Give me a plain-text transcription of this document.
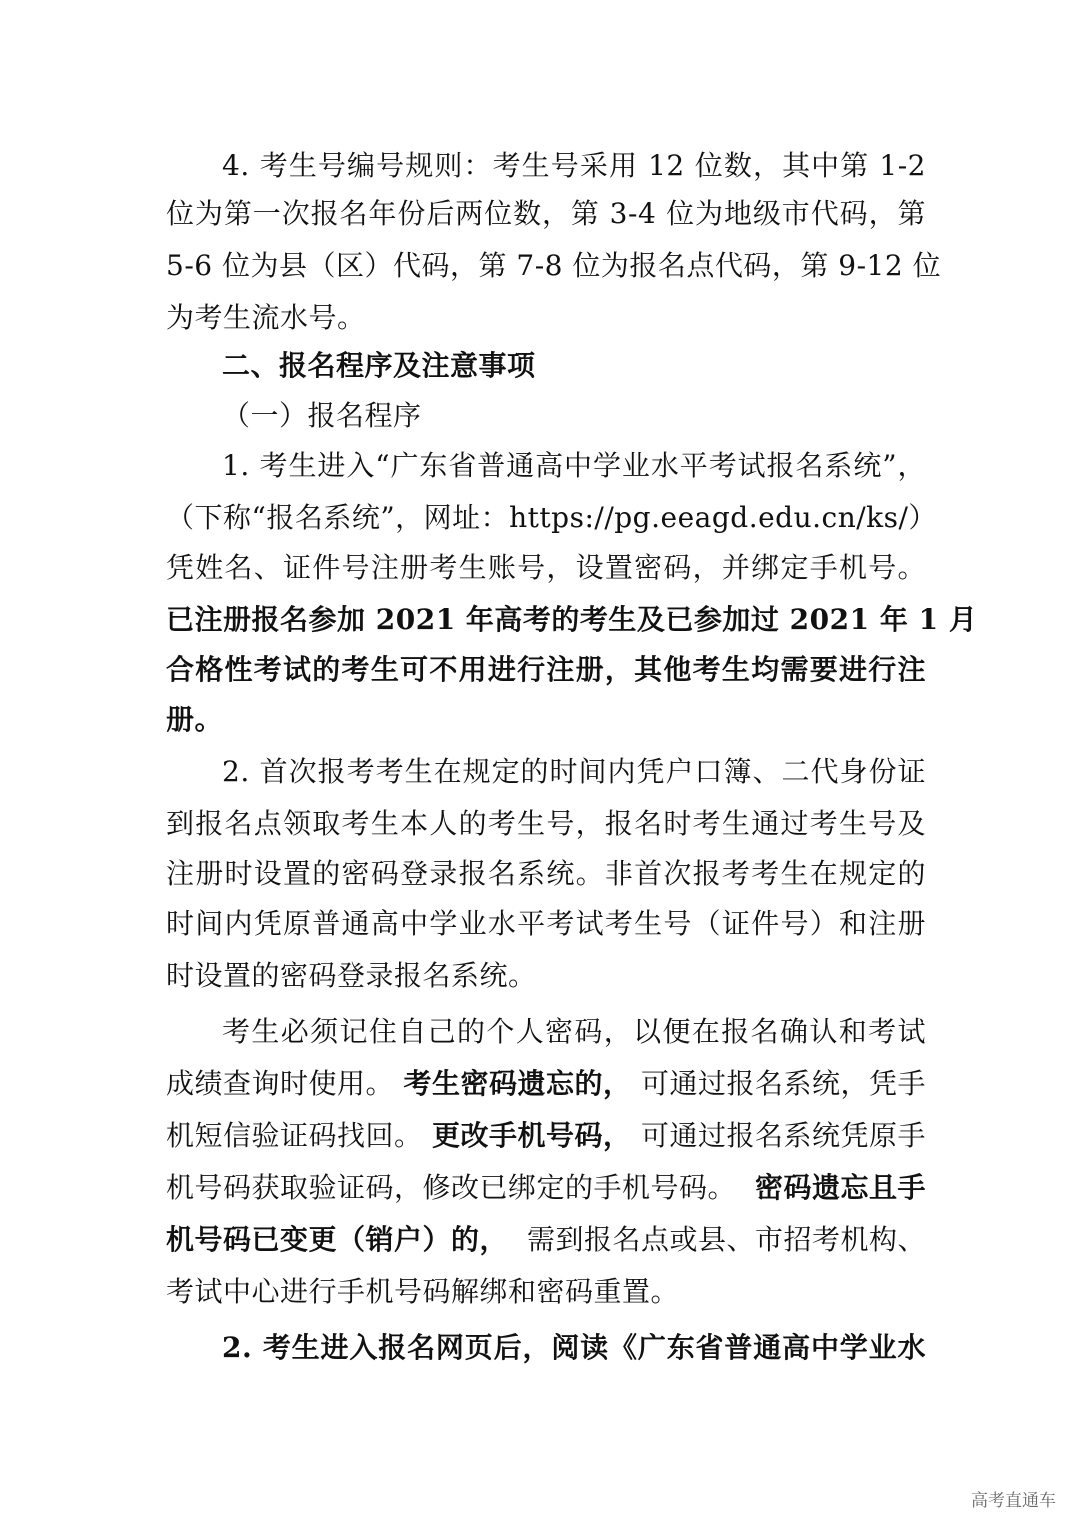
4. 考生号编号规则：考生号采用 12 位数，其中第 1-2
位为第一次报名年份后两位数，第 3-4 位为地级市代码，第
5-6 位为县（区）代码，第 7-8 位为报名点代码，第 9-12 位
为考生流水号。
二、报名程序及注意事项
（一）报名程序
1. 考生进入“广东省普通高中学业水平考试报名系统”，
（下称“报名系统”，网址：https://pg.eeagd.edu.cn/ks/）
凭姓名、证件号注册考生账号，设置密码，并绑定手机号。
已注册报名参加 2021 年高考的考生及已参加过 2021 年 1 月
合格性考试的考生可不用进行注册，其他考生均需要进行注
册。
2. 首次报考考生在规定的时间内凭户口簿、二代身份证
到报名点领取考生本人的考生号，报名时考生通过考生号及
注册时设置的密码登录报名系统。非首次报考考生在规定的
时间内凭原普通高中学业水平考试考生号（证件号）和注册
时设置的密码登录报名系统。
考生必须记住自己的个人密码，以便在报名确认和考试
成绩查询时使用。 考生密码遗忘的， 可通过报名系统，凭手
机短信验证码找回。 更改手机号码， 可通过报名系统凭原手
机号码获取验证码，修改已绑定的手机号码。 密码遗忘且手
机号码已变更（销户）的， 需到报名点或县、市招考机构、
考试中心进行手机号码解绑和密码重置。
2. 考生进入报名网页后，阅读《广东省普通高中学业水
高考直通车
